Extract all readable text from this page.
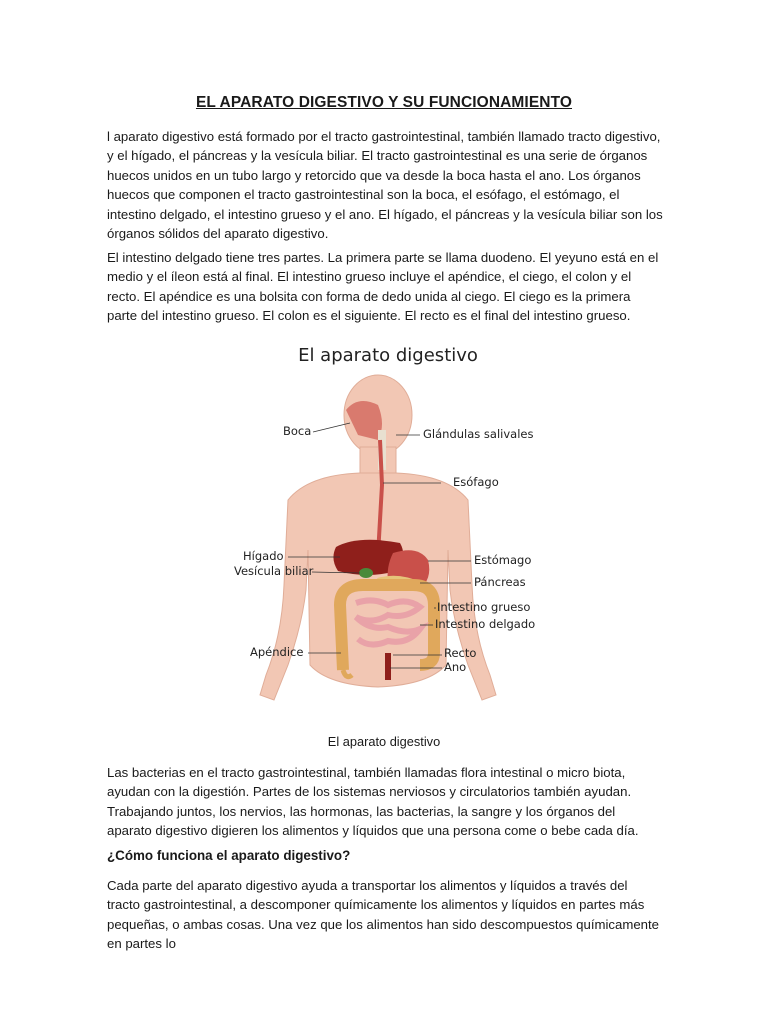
EL APARATO DIGESTIVO Y SU FUNCIONAMIENTO

l aparato digestivo está formado por el tracto gastrointestinal, también llamado tracto digestivo, y el hígado, el páncreas y la vesícula biliar. El tracto gastrointestinal es una serie de órganos huecos unidos en un tubo largo y retorcido que va desde la boca hasta el ano. Los órganos huecos que componen el tracto gastrointestinal son la boca, el esófago, el estómago, el intestino delgado, el intestino grueso y el ano. El hígado, el páncreas y la vesícula biliar son los órganos sólidos del aparato digestivo.

El intestino delgado tiene tres partes. La primera parte se llama duodeno. El yeyuno está en el medio y el íleon está al final. El intestino grueso incluye el apéndice, el ciego, el colon y el recto. El apéndice es una bolsita con forma de dedo unida al ciego. El ciego es la primera parte del intestino grueso. El colon es el siguiente. El recto es el final del intestino grueso.

El aparato digestivo
Boca	Glándulas salivales
Esófago
Hígado
Vesícula biliar
Estómago
Páncreas
Intestino grueso
Intestino delgado
Apéndice	Recto
Ano
El aparato digestivo

Las bacterias en el tracto gastrointestinal, también llamadas flora intestinal o micro biota, ayudan con la digestión. Partes de los sistemas nerviosos y circulatorios también ayudan. Trabajando juntos, los nervios, las hormonas, las bacterias, la sangre y los órganos del aparato digestivo digieren los alimentos y líquidos que una persona come o bebe cada día.

¿Cómo funciona el aparato digestivo?

Cada parte del aparato digestivo ayuda a transportar los alimentos y líquidos a través del tracto gastrointestinal, a descomponer químicamente los alimentos y líquidos en partes más pequeñas, o ambas cosas. Una vez que los alimentos han sido descompuestos químicamente en partes lo
